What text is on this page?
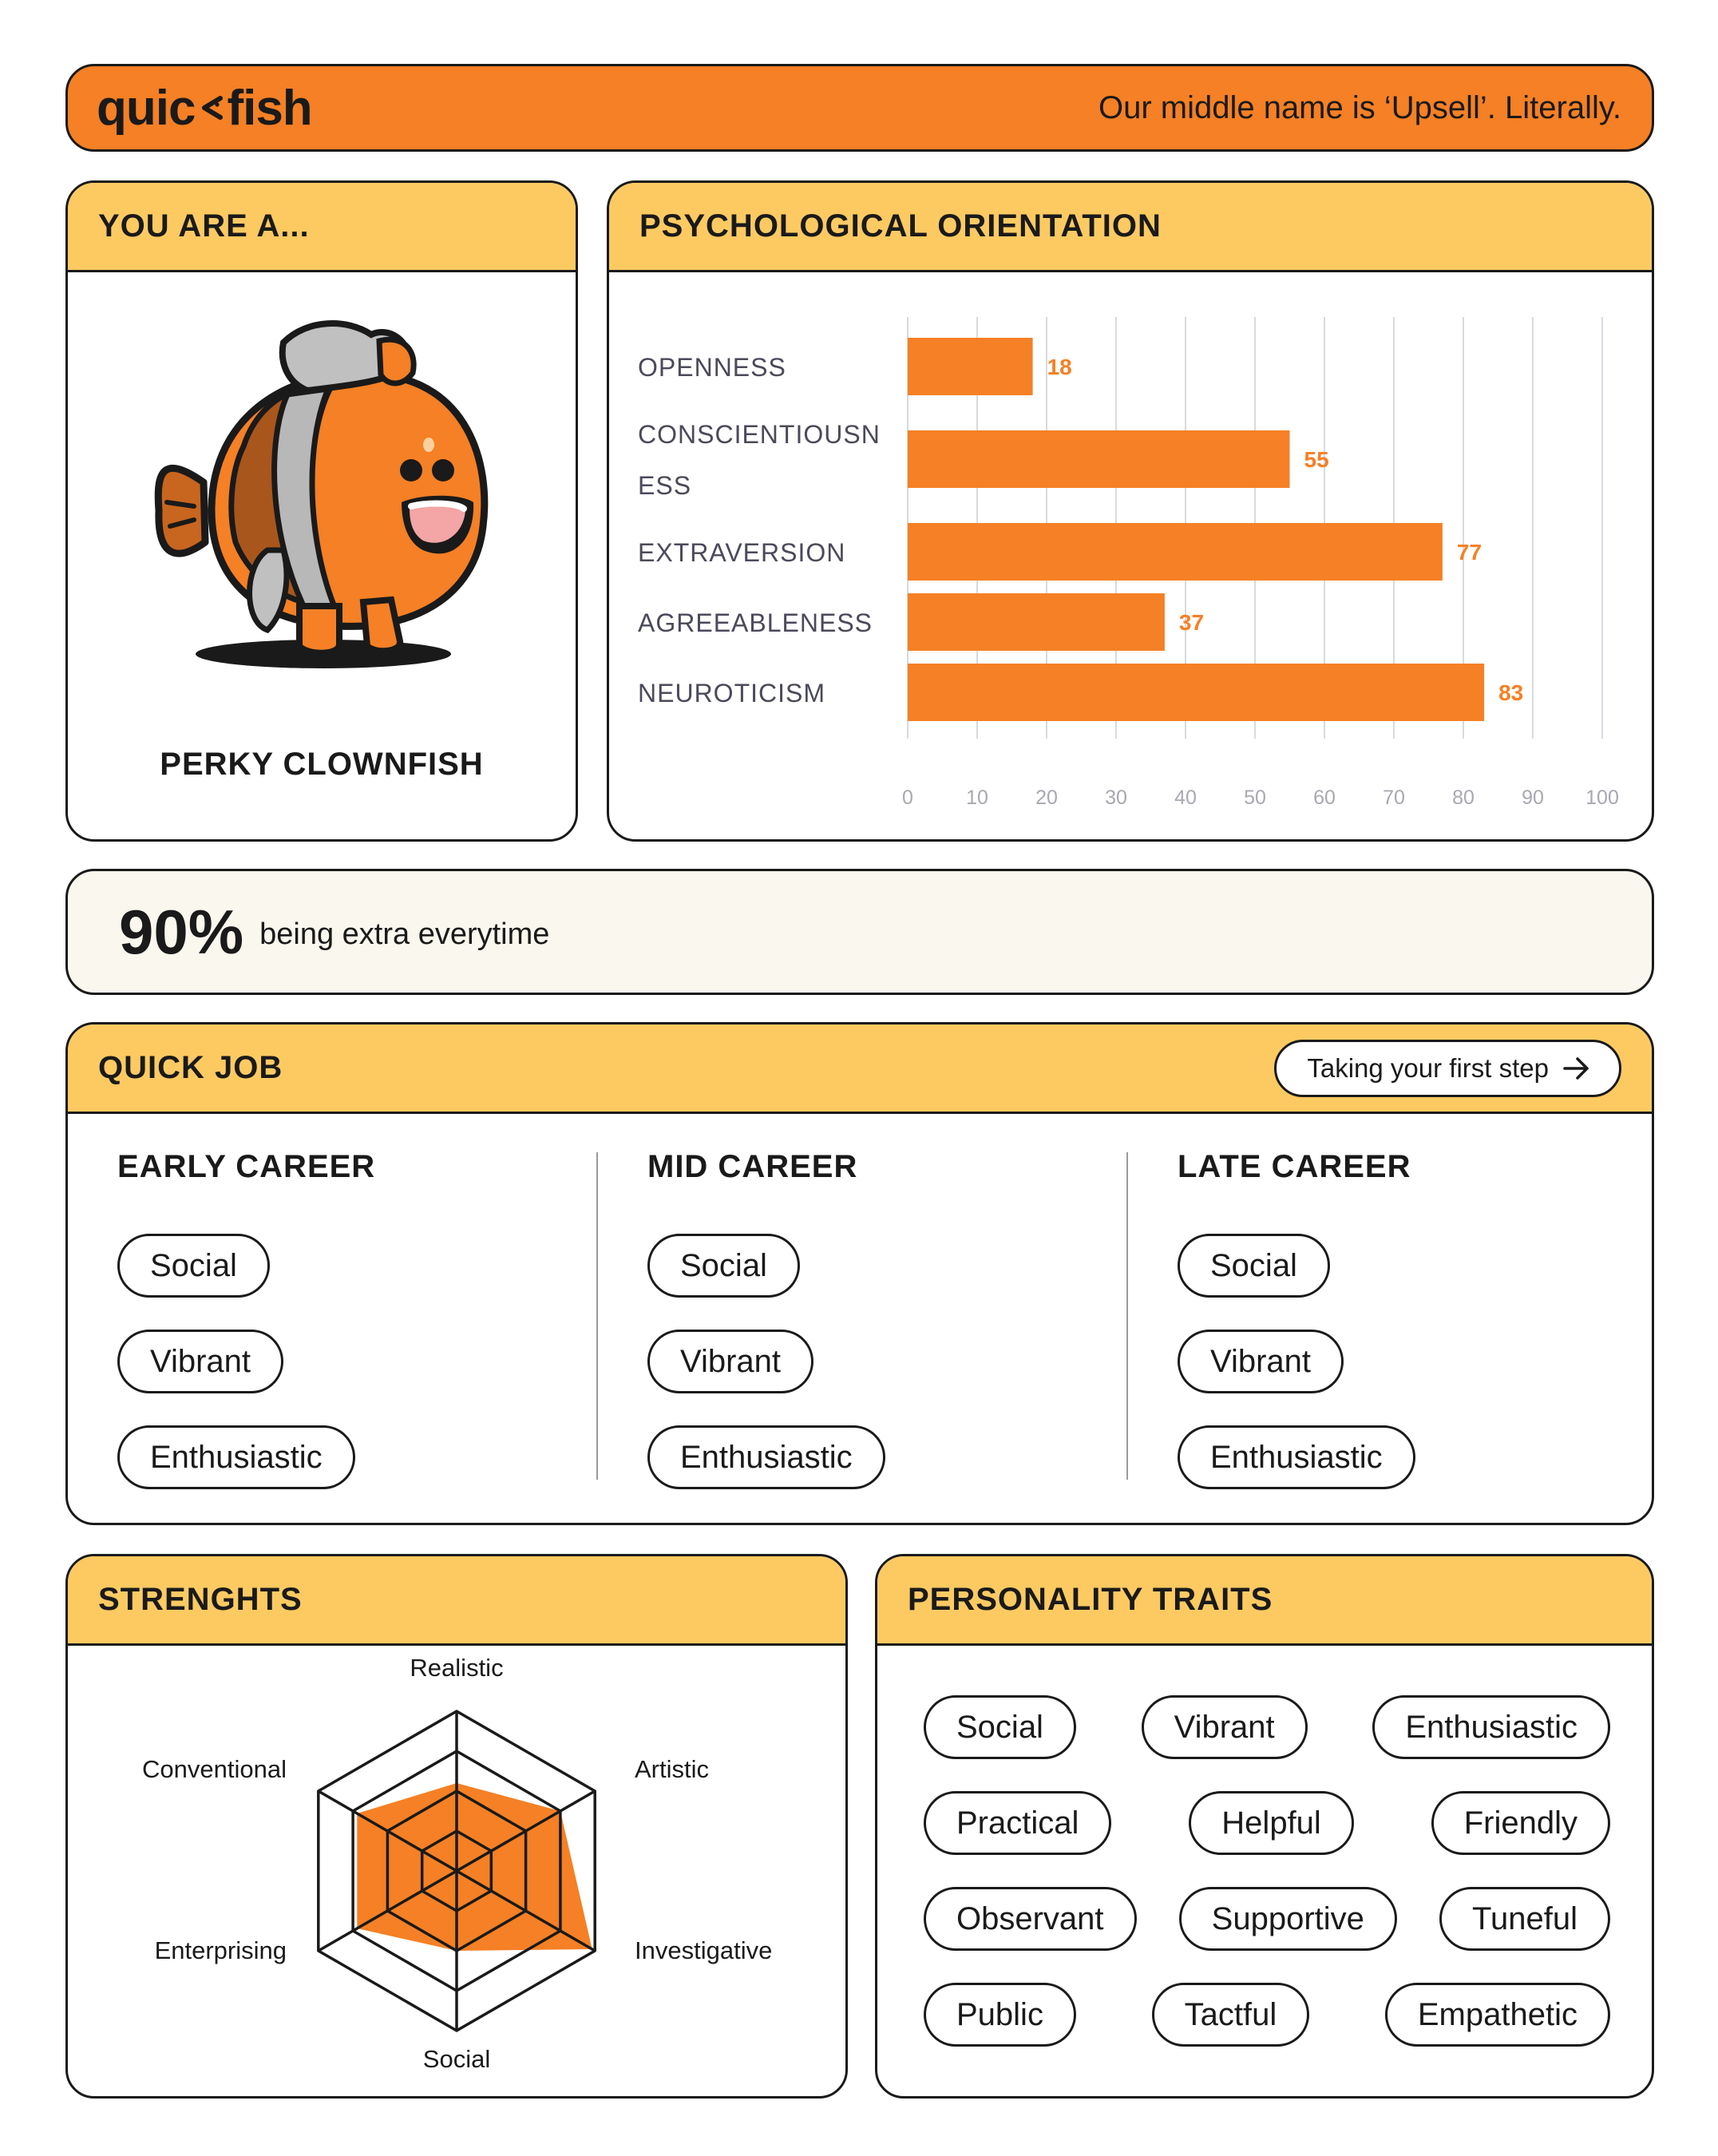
quic fish	Our middle name is ‘Upsell’. Literally.
YOU ARE A...
PERKY CLOWNFISH
PSYCHOLOGICAL ORIENTATION
OPENNESS
CONSCIENTIOUSN
ESS
EXTRAVERSION
AGREEABLENESS
NEUROTICISM
18
55
77
37
83
0	10 20 30 40 50 60 70 80 90 100
90% being extra everytime
QUICK JOB	Taking your first step
EARLY CAREER
Social
Vibrant
Enthusiastic
MID CAREER
Social
Vibrant
Enthusiastic
LATE CAREER
Social
Vibrant
Enthusiastic
STRENGHTS
Realistic
Artistic
Investigative
Social
Enterprising
Conventional
PERSONALITY TRAITS
Social	Vibrant	Enthusiastic
Practical	Helpful	Friendly
Observant	Supportive	Tuneful
Public	Tactful	Empathetic
